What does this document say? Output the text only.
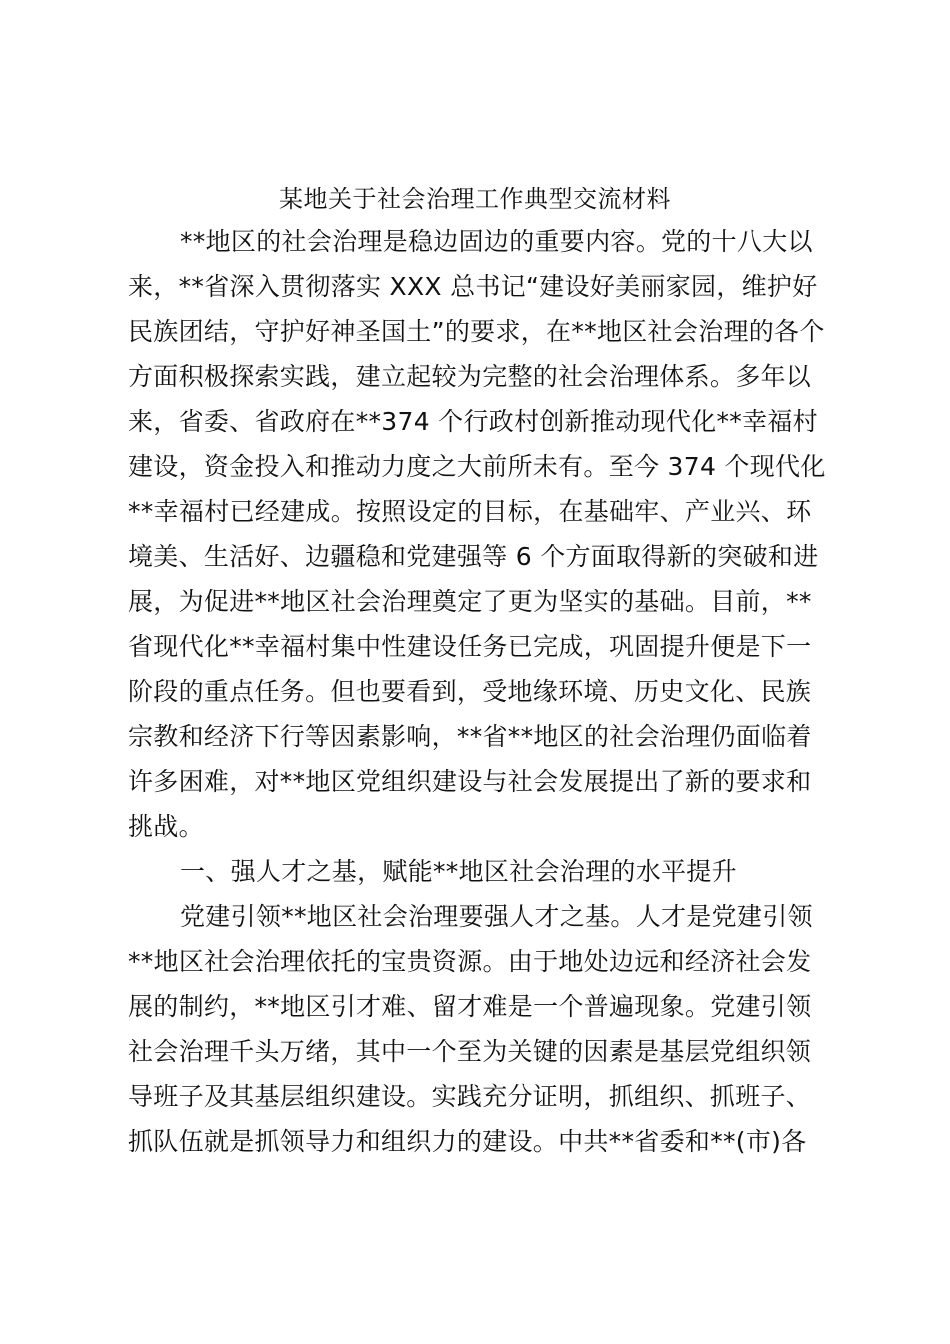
某地关于社会治理工作典型交流材料
**地区的社会治理是稳边固边的重要内容。党的十八大以
来，**省深入贯彻落实 XXX 总书记“建设好美丽家园，维护好
民族团结，守护好神圣国土”的要求，在**地区社会治理的各个
方面积极探索实践，建立起较为完整的社会治理体系。多年以
来，省委、省政府在**374 个行政村创新推动现代化**幸福村
建设，资金投入和推动力度之大前所未有。至今 374 个现代化
**幸福村已经建成。按照设定的目标，在基础牢、产业兴、环
境美、生活好、边疆稳和党建强等 6 个方面取得新的突破和进
展，为促进**地区社会治理奠定了更为坚实的基础。目前，**
省现代化**幸福村集中性建设任务已完成，巩固提升便是下一
阶段的重点任务。但也要看到，受地缘环境、历史文化、民族
宗教和经济下行等因素影响，**省**地区的社会治理仍面临着
许多困难，对**地区党组织建设与社会发展提出了新的要求和
挑战。
一、强人才之基，赋能**地区社会治理的水平提升
党建引领**地区社会治理要强人才之基。人才是党建引领
**地区社会治理依托的宝贵资源。由于地处边远和经济社会发
展的制约，**地区引才难、留才难是一个普遍现象。党建引领
社会治理千头万绪，其中一个至为关键的因素是基层党组织领
导班子及其基层组织建设。实践充分证明，抓组织、抓班子、
抓队伍就是抓领导力和组织力的建设。中共**省委和**(市)各
